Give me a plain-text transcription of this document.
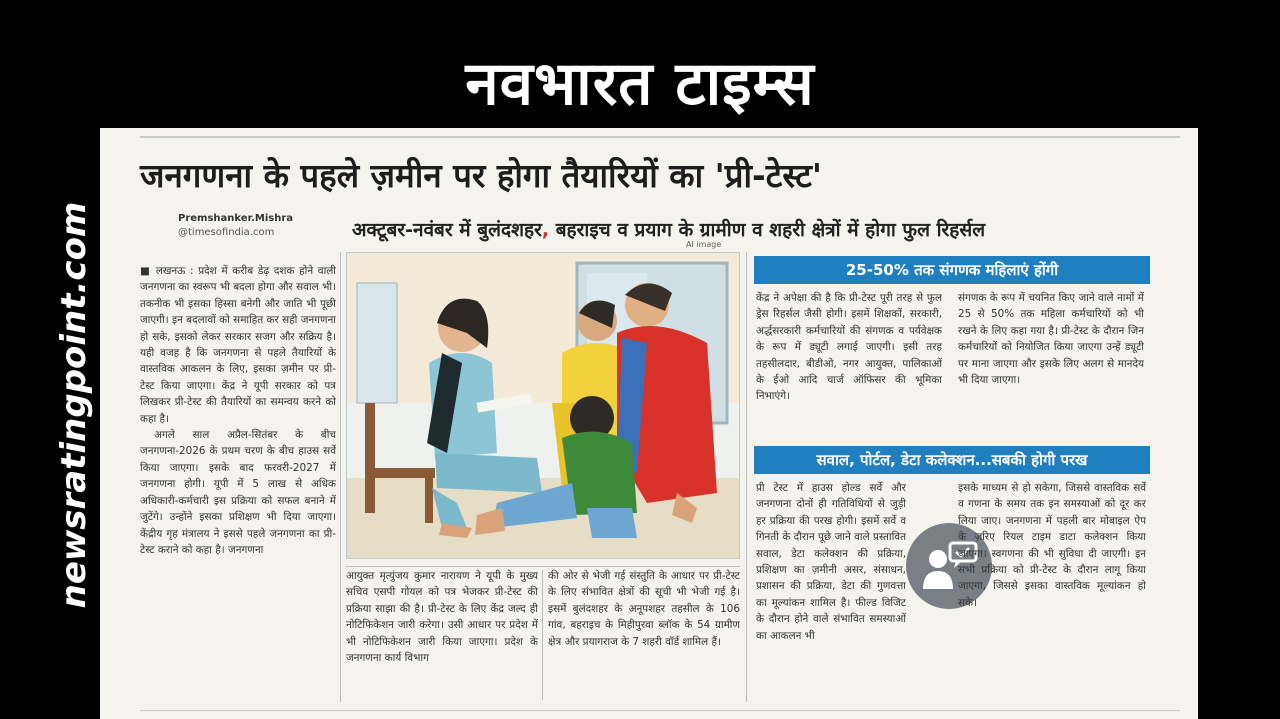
नवभारत टाइम्स
newsratingpoint.com
जनगणना के पहले ज़मीन पर होगा तैयारियों का 'प्री-टेस्ट'
Premshanker.Mishra
@timesofindia.com	अक्टूबर-नवंबर में बुलंदशहर, बहराइच व प्रयाग के ग्रामीण व शहरी क्षेत्रों में होगा फुल रिहर्सल
AI image

■ लखनऊ : प्रदेश में करीब डेढ़ दशक होने वाली जनगणना का स्वरूप भी बदला होगा और सवाल भी। तकनीक भी इसका हिस्सा बनेगी और जाति भी पूछी जाएगी। इन बदलावों को समाहित कर सही जनगणना हो सके, इसको लेकर सरकार सजग और सक्रिय है। यही वजह है कि जनगणना से पहले तैयारियों के वास्तविक आकलन के लिए, इसका ज़मीन पर प्री-टेस्ट किया जाएगा। केंद्र ने यूपी सरकार को पत्र लिखकर प्री-टेस्ट की तैयारियों का समन्वय करने को कहा है।

अगले साल अप्रैल-सितंबर के बीच जनगणना-2026 के प्रथम चरण के बीच हाउस सर्वे किया जाएगा। इसके बाद फरवरी-2027 में जनगणना होगी। यूपी में 5 लाख से अधिक अधिकारी-कर्मचारी इस प्रक्रिया को सफल बनाने में जुटेंगे। उन्होंने इसका प्रशिक्षण भी दिया जाएगा। केंद्रीय गृह मंत्रालय ने इससे पहले जनगणना का प्री-टेस्ट कराने को कहा है। जनगणना

आयुक्त मृत्युंजय कुमार नारायण ने यूपी के मुख्य सचिव एसपी गोयल को पत्र भेजकर प्री-टेस्ट की प्रक्रिया साझा की है। प्री-टेस्ट के लिए केंद्र जल्द ही नोटिफिकेशन जारी करेगा। उसी आधार पर प्रदेश में भी नोटिफिकेशन जारी किया जाएगा। प्रदेश के जनगणना कार्य विभाग

की ओर से भेजी गई संस्तुति के आधार पर प्री-टेस्ट के लिए संभावित क्षेत्रों की सूची भी भेजी गई है। इसमें बुलंदशहर के अनूपशहर तहसील के 106 गांव, बहराइच के मिहीपुरवा ब्लॉक के 54 ग्रामीण क्षेत्र और प्रयागराज के 7 शहरी वॉर्ड शामिल हैं।

25-50% तक संगणक महिलाएं होंगी

केंद्र ने अपेक्षा की है कि प्री-टेस्ट पूरी तरह से फुल ड्रेस रिहर्सल जैसी होगी। इसमें शिक्षकों, सरकारी, अर्द्धसरकारी कर्मचारियों की संगणक व पर्यवेक्षक के रूप में ड्यूटी लगाई जाएगी। इसी तरह तहसीलदार, बीडीओ, नगर आयुक्त, पालिकाओं के ईओ आदि चार्ज ऑफिसर की भूमिका निभाएंगे।

संगणक के रूप में चयनित किए जाने वाले नामों में 25 से 50% तक महिला कर्मचारियों को भी रखने के लिए कहा गया है। प्री-टेस्ट के दौरान जिन कर्मचारियों को नियोजित किया जाएगा उन्हें ड्यूटी पर माना जाएगा और इसके लिए अलग से मानदेय भी दिया जाएगा।

सवाल, पोर्टल, डेटा कलेक्शन...सबकी होगी परख

प्री टेस्ट में हाउस होल्ड सर्वे और जनगणना दोनों ही गतिविधियों से जुड़ी हर प्रक्रिया की परख होगी। इसमें सर्वे व गिनती के दौरान पूछे जाने वाले प्रस्तावित सवाल, डेटा कलेक्शन की प्रक्रिया, प्रशिक्षण का ज़मीनी असर, संसाधन, प्रशासन की प्रक्रिया, डेटा की गुणवत्ता का मूल्यांकन शामिल है। फील्ड विजिट के दौरान होने वाले संभावित समस्याओं का आकलन भी

इसके माध्यम से हो सकेगा, जिससे वास्तविक सर्वे व गणना के समय तक इन समस्याओं को दूर कर लिया जाए। जनगणना में पहली बार मोबाइल ऐप के ज़रिए रियल टाइम डाटा कलेक्शन किया जाएगा। स्वगणना की भी सुविधा दी जाएगी। इन सभी प्रक्रिया को प्री-टेस्ट के दौरान लागू किया जाएगा, जिससे इसका वास्तविक मूल्यांकन हो सके।
